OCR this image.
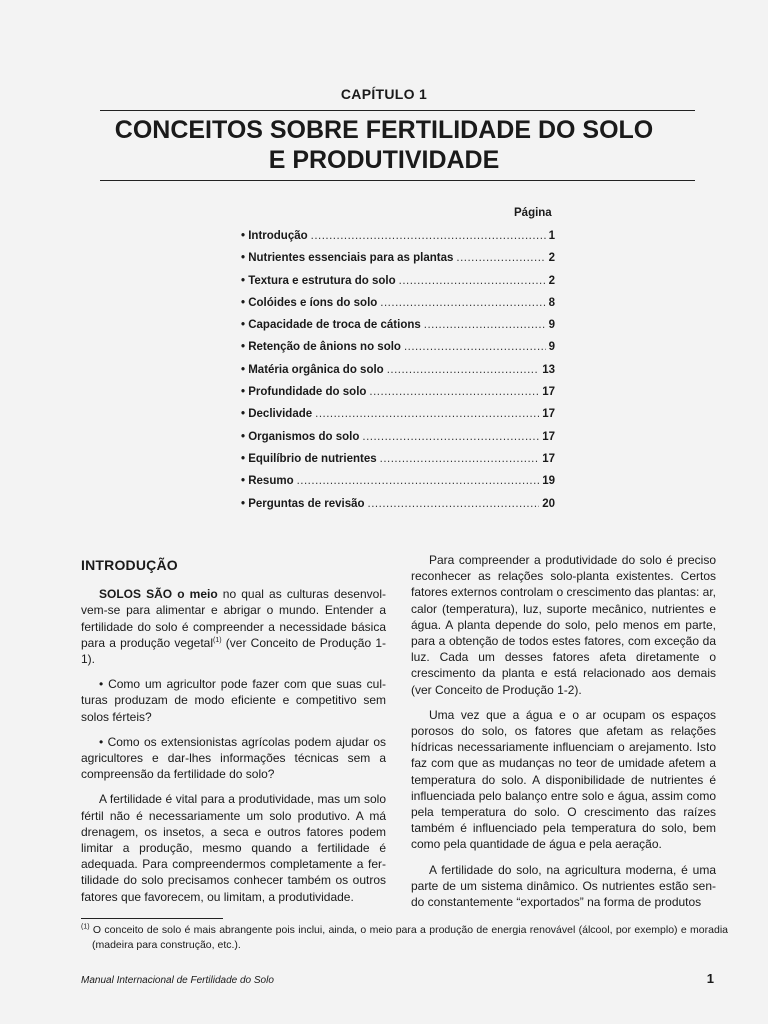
CAPÍTULO 1
CONCEITOS SOBRE FERTILIDADE DO SOLO
E PRODUTIVIDADE
Página
• Introdução .....	1
• Nutrientes essenciais para as plantas .....	2
• Textura e estrutura do solo .....	2
• Colóides e íons do solo .....	8
• Capacidade de troca de cátions .....	9
• Retenção de ânions no solo .....	9
• Matéria orgânica do solo .....	13
• Profundidade do solo .....	17
• Declividade .....	17
• Organismos do solo .....	17
• Equilíbrio de nutrientes .....	17
• Resumo .....	19
• Perguntas de revisão .....	20
INTRODUÇÃO

SOLOS SÃO o meio no qual as culturas desenvolvem-se para alimentar e abrigar o mundo. Entender a fertilidade do solo é compreender a necessidade básica para a produção vegetal$^{(1)}$ (ver Conceito de Produção 1-1).

• Como um agricultor pode fazer com que suas culturas produzam de modo eficiente e competitivo sem solos férteis?

• Como os extensionistas agrícolas podem ajudar os agricultores e dar-lhes informações técnicas sem a compreensão da fertilidade do solo?

A fertilidade é vital para a produtividade, mas um solo fértil não é necessariamente um solo produtivo. A má drenagem, os insetos, a seca e outros fatores podem limitar a produção, mesmo quando a fertilidade é adequada. Para compreendermos completamente a fertilidade do solo precisamos conhecer também os outros fatores que favorecem, ou limitam, a produtividade.

Para compreender a produtividade do solo é preciso reconhecer as relações solo-planta existentes. Certos fatores externos controlam o crescimento das plantas: ar, calor (temperatura), luz, suporte mecânico, nutrientes e água. A planta depende do solo, pelo menos em parte, para a obtenção de todos estes fatores, com exceção da luz. Cada um desses fatores afeta diretamente o crescimento da planta e está relacionado aos demais (ver Conceito de Produção 1-2).

Uma vez que a água e o ar ocupam os espaços porosos do solo, os fatores que afetam as relações hídricas necessariamente influenciam o arejamento. Isto faz com que as mudanças no teor de umidade afetem a temperatura do solo. A disponibilidade de nutrientes é influenciada pelo balanço entre solo e água, assim como pela temperatura do solo. O crescimento das raízes também é influenciado pela temperatura do solo, bem como pela quantidade de água e pela aeração.

A fertilidade do solo, na agricultura moderna, é uma parte de um sistema dinâmico. Os nutrientes estão sendo constantemente “exportados” na forma de produtos

$^{(1)}$ O conceito de solo é mais abrangente pois inclui, ainda, o meio para a produção de energia renovável (álcool, por exemplo) e moradia (madeira para construção, etc.).
Manual Internacional de Fertilidade do Solo	1
